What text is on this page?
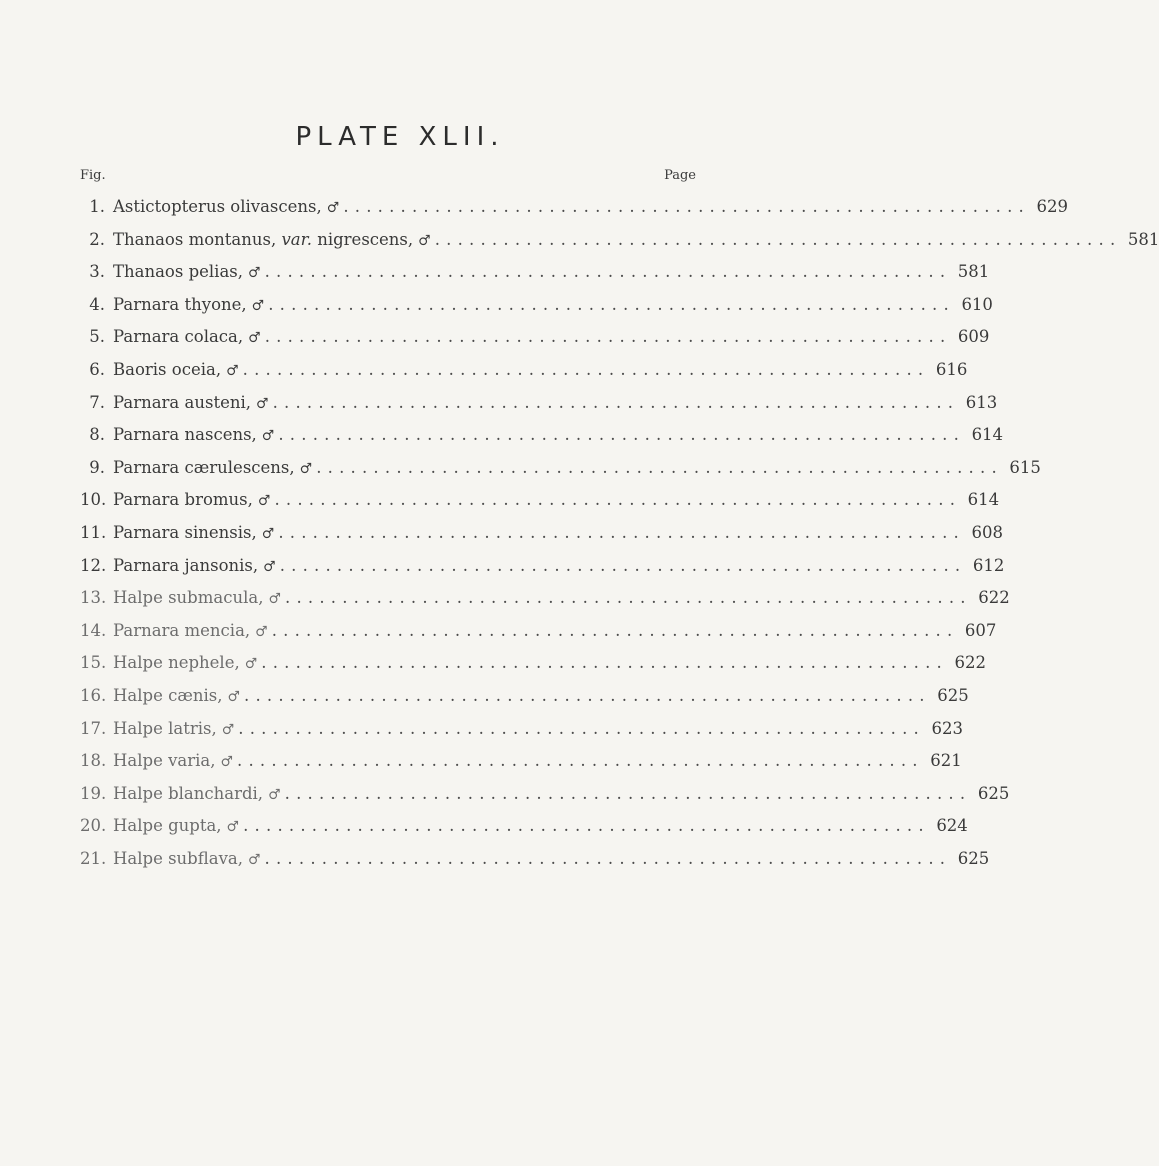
PLATE XLII.
Fig.	Page
1. Astictopterus olivascens, ♂ ............................................................ 629
2. Thanaos montanus, var. nigrescens, ♂ ............................................................ 581
3. Thanaos pelias, ♂ ............................................................ 581
4. Parnara thyone, ♂ ............................................................ 610
5. Parnara colaca, ♂ ............................................................ 609
6. Baoris oceia, ♂ ............................................................ 616
7. Parnara austeni, ♂ ............................................................ 613
8. Parnara nascens, ♂ ............................................................ 614
9. Parnara cærulescens, ♂ ............................................................ 615
10. Parnara bromus, ♂ ............................................................ 614
11. Parnara sinensis, ♂ ............................................................ 608
12. Parnara jansonis, ♂ ............................................................ 612
13. Halpe submacula, ♂ ............................................................ 622
14. Parnara mencia, ♂ ............................................................ 607
15. Halpe nephele, ♂ ............................................................ 622
16. Halpe cænis, ♂ ............................................................ 625
17. Halpe latris, ♂ ............................................................ 623
18. Halpe varia, ♂ ............................................................ 621
19. Halpe blanchardi, ♂ ............................................................ 625
20. Halpe gupta, ♂ ............................................................ 624
21. Halpe subflava, ♂ ............................................................ 625
